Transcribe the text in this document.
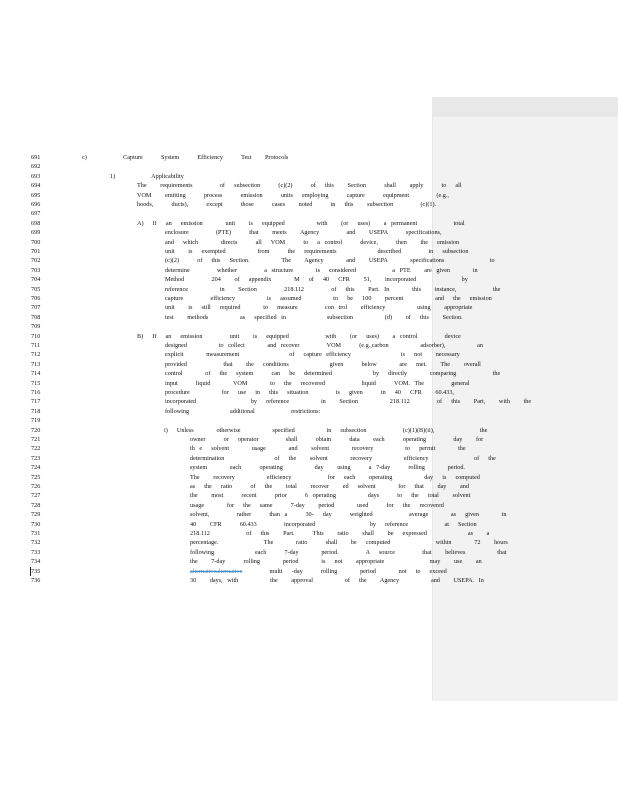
691	c)        Capture    System    Efficiency    Test   Protocols
692
693	1)        Applicability
694	The   requirements      of  subsection    (c)(2)    of  this   Section    shall   apply    to  all
695	VOM   emitting    process    emission    units  employing    capture    equipment      (e.g.,
696	hoods,    ducts),    except    those    cases   noted    in  this   subsection      (c)(1).
697
698	A)  If  an  emission     unit   is  equipped       with   (or  uses)   a permanent        total
699	enclosure      (PTE)    that   meets   Agency      and   USEPA    specifications,
700	and  which     directs    all  VOM    to  a control    device,    then   the  emission
701	unit   is  exempted       from    the  requirements         described      in  subsection
702	(c)(2)    of  this  Section.       The   Agency     and   USEPA     specifications          to
703	determine      whether      a structure     is  considered        a PTE   are given     in
704	Method      204   of  appendix     M  of  40  CFR   51,   incorporated          by
705	reference       in   Section      218.112      of  this   Part. In     this   instance,        the
706	capture      efficiency       is  assumed       to  be  100   percent       and  the  emission
707	unit   is  still  required     to  measure      con trol   efficiency       using   appropriate
708	test   methods       as  specified in         subsection       (d)   of  this   Section.
709
710	B)  If  an  emission      unit   is  equipped        with   (or  uses)   a control      device
711	designed       to collect     and recover      VOM    (e.g.,carbon       adsorber),       an
712	explicit     measurement           of  capture efficiency           is  not   necessary
713	provided        that   the  conditions         given    below     are  met.   The   overall
714	control     of  the  system    can  be  determined         by  directly     comparing        the
715	input    liquid     VOM     to  the  recovered        liquid    VOM. The      general
716	procedure       for  use  in  this  situation      is  given    in  40  CFR   60.433,
717	incorporated            by  reference       in   Section       218.112      of  this   Part,   with   the
718	following         additional        restrictions:
719
720	i)  Unless     otherwise       specified       in  subsection        (c)(1)(B)(ii),          the
721	owner    or  operator      shall    obtain    data   each    operating      day   for
722	th e  solvent     usage     and   solvent     recovery       to  permit     the
723	determination           of  the   solvent     recovery       efficiency          of  the
724	system     each    operating       day   using    a 7-day    rolling     period.
725	The   recovery       efficiency        for  each   operating       day  is  computed
726	as  the  ratio    of  the   total   recover   ed  solvent     for  that   day   and
727	the   most    recent    prior    6 operating       days    to  the  total   solvent
728	usage     for  the  same    7-day   period     used    for  the  recovered
729	solvent,      rather    than a    30-  day    weighted        average     as  given     in
730	40   CFR    60.433      incorporated            by  reference        at  Section
731	218.112        of  this   Part.    This   ratio   shall   be  expressed         as   a
732	percentage.          The     ratio    shall   be  computed          within     72   hours
733	following         each    7-day     period.      A  source      that   believes       that
734	the   7-day    rolling     period     is  not   appropriate          may   use   an
735	alternativealternative      multi  -day    rolling     period     not  to  exceed
736	30   days, with       the   approval       of  the   Agency       and   USEPA. In
